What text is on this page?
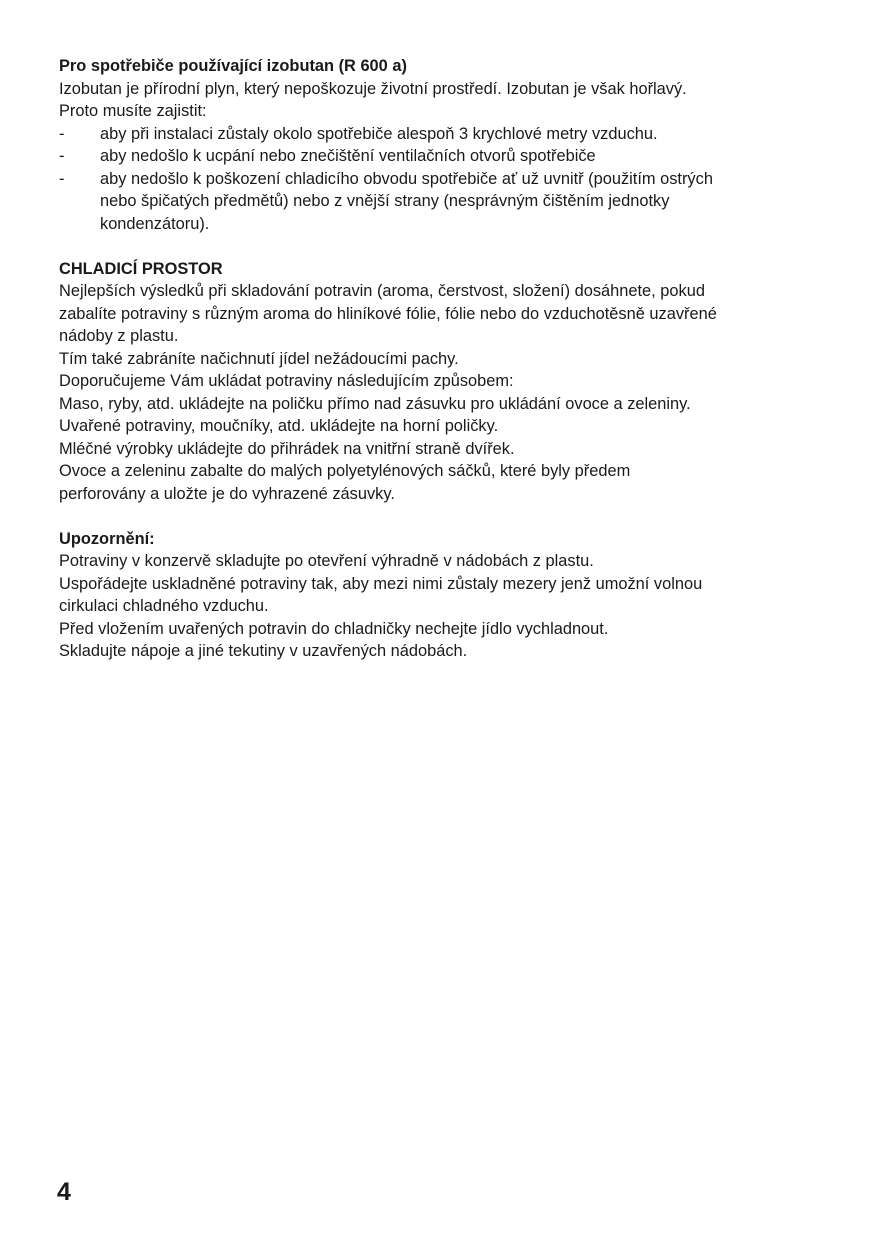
Pro spotřebiče používající izobutan (R 600 a)

Izobutan je přírodní plyn, který nepoškozuje životní prostředí. Izobutan je však hořlavý.

Proto musíte zajistit:

-	aby při instalaci zůstaly okolo spotřebiče alespoň 3 krychlové metry vzduchu.
-	aby nedošlo k ucpání nebo znečištění ventilačních otvorů spotřebiče
-	aby nedošlo k poškození chladicího obvodu spotřebiče ať už uvnitř (použitím ostrých
nebo špičatých předmětů) nebo z vnější strany (nesprávným čištěním jednotky
kondenzátoru).

CHLADICÍ PROSTOR

Nejlepších výsledků při skladování potravin (aroma, čerstvost, složení) dosáhnete, pokud

zabalíte potraviny s různým aroma do hliníkové fólie, fólie nebo do vzduchotěsně uzavřené

nádoby z plastu.

Tím také zabráníte načichnutí jídel nežádoucími pachy.

Doporučujeme Vám ukládat potraviny následujícím způsobem:

Maso, ryby, atd. ukládejte na poličku přímo nad zásuvku pro ukládání ovoce a zeleniny.

Uvařené potraviny, moučníky, atd. ukládejte na horní poličky.

Mléčné výrobky ukládejte do přihrádek na vnitřní straně dvířek.

Ovoce a zeleninu zabalte do malých polyetylénových sáčků, které byly předem

perforovány a uložte je do vyhrazené zásuvky.

Upozornění:

Potraviny v konzervě skladujte po otevření výhradně v nádobách z plastu.

Uspořádejte uskladněné potraviny tak, aby mezi nimi zůstaly mezery jenž umožní volnou

cirkulaci chladného vzduchu.

Před vložením uvařených potravin do chladničky nechejte jídlo vychladnout.

Skladujte nápoje a jiné tekutiny v uzavřených nádobách.

4
